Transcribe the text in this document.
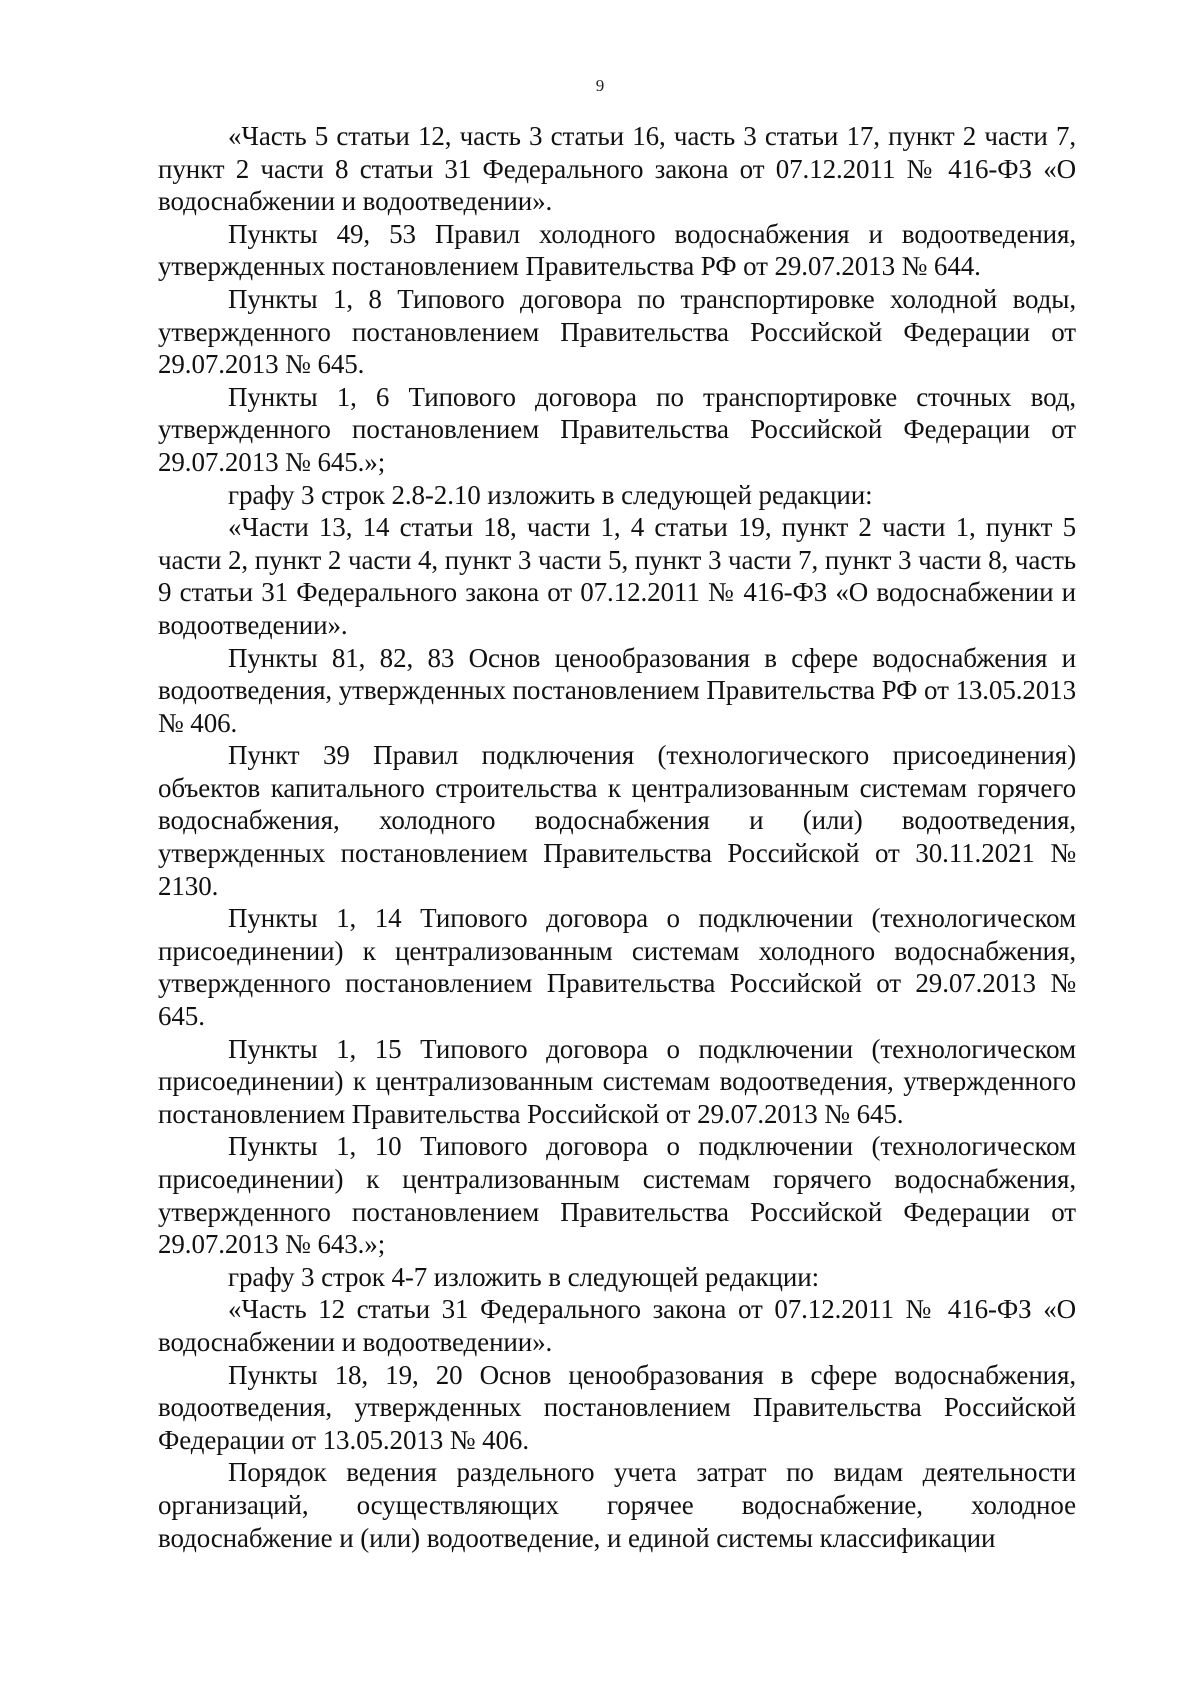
9

«Часть 5 статьи 12, часть 3 статьи 16, часть 3 статьи 17, пункт 2 части 7, пункт 2 части 8 статьи 31 Федерального закона от 07.12.2011 № 416-ФЗ «О водоснабжении и водоотведении».

Пункты 49, 53 Правил холодного водоснабжения и водоотведения, утвержденных постановлением Правительства РФ от 29.07.2013 № 644.

Пункты 1, 8 Типового договора по транспортировке холодной воды, утвержденного постановлением Правительства Российской Федерации от 29.07.2013 № 645.

Пункты 1, 6 Типового договора по транспортировке сточных вод, утвержденного постановлением Правительства Российской Федерации от 29.07.2013 № 645.»;

графу 3 строк 2.8-2.10 изложить в следующей редакции:

«Части 13, 14 статьи 18, части 1, 4 статьи 19, пункт 2 части 1, пункт 5 части 2, пункт 2 части 4, пункт 3 части 5, пункт 3 части 7, пункт 3 части 8, часть 9 статьи 31 Федерального закона от 07.12.2011 № 416-ФЗ «О водоснабжении и водоотведении».

Пункты 81, 82, 83 Основ ценообразования в сфере водоснабжения и водоотведения, утвержденных постановлением Правительства РФ от 13.05.2013 № 406.

Пункт 39 Правил подключения (технологического присоединения) объектов капитального строительства к централизованным системам горячего водоснабжения, холодного водоснабжения и (или) водоотведения, утвержденных постановлением Правительства Российской от 30.11.2021 № 2130.

Пункты 1, 14 Типового договора о подключении (технологическом присоединении) к централизованным системам холодного водоснабжения, утвержденного постановлением Правительства Российской от 29.07.2013 № 645.

Пункты 1, 15 Типового договора о подключении (технологическом присоединении) к централизованным системам водоотведения, утвержденного постановлением Правительства Российской от 29.07.2013 № 645.

Пункты 1, 10 Типового договора о подключении (технологическом присоединении) к централизованным системам горячего водоснабжения, утвержденного постановлением Правительства Российской Федерации от 29.07.2013 № 643.»;

графу 3 строк 4-7 изложить в следующей редакции:

«Часть 12 статьи 31 Федерального закона от 07.12.2011 № 416-ФЗ «О водоснабжении и водоотведении».

Пункты 18, 19, 20 Основ ценообразования в сфере водоснабжения, водоотведения, утвержденных постановлением Правительства Российской Федерации от 13.05.2013 № 406.

Порядок ведения раздельного учета затрат по видам деятельности организаций, осуществляющих горячее водоснабжение, холодное водоснабжение и (или) водоотведение, и единой системы классификации
